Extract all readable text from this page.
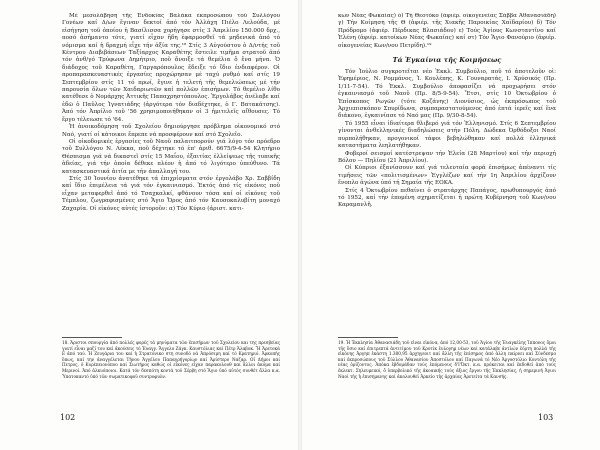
Μέ μεσολάβηση τῆς Ἐνδοκίας Βαλάκα ἐκπροσώπου τοῦ Συλλόγου Γονέων καί Δ/ων ἔγιναν δεκτοί ἀπό τόν Ἀλλάχη Πιέλο Λελούδα, μέ εἰσήγηση τοῦ ὁποίου ἡ Βασίλισσα χορήγησε στίς 3 Ἀπριλίου 150.000 δρχ., ποσό ἀσήμαντο τότε, γιατί εἶχαν ἤδη ἐφαρμοσθεῖ τά μηδενικά ἀπό τό νόμισμα καί ἡ δραχμή εἶχε τήν ἀξία της.¹⁸ Στίς 3 Αὐγούστου ὁ Δ/ντής τοῦ Κέντρου Διαβιβάσεων Ταξίαρχος Καραθέτης ἔστειλε τιμῆμα στρατοῦ ἀπό τόν ἀνθ/γό Τρύφωνα Δημήτριο, ποῦ ἄνοιξε τά θεμέλια ὅ ἔνα μήνα. Ὁ διάδοχος τοῦ Καραθέτη, Γαργαρόπουλος ἔδειξε τό ἴδιο ἐνδιαφέρον. Οἱ προπαρασκευαστικές ἐργασίες προχώρησαν μέ ταχύ ρυθμό καί στίς 19 Σεπτεμβρίου στίς 11 τό πρωί, ἔγινε ἡ τελετή τῆς θεμελιώσεως μέ τήν παρουσία ὅλων τῶν Χαιδαριωτῶν καί πολλῶν ἐπισήμων. Τό θεμέλιο λίθο κατέθεσε ὁ Νομάρχης Ἀττικῆς Παπαχρηστόπουλος. Ἐργολάβος ἀνέλαβε καί ἐδῶ ὁ Παῦλος Ἰγνατιάδης (ἀργότερα τόν διαδέχτηκε, ὁ Γ. Βατακάτσης). Ἀπό τόν Ἀπρίλιο τοῦ '56 χρησιμοποιήθηκαν οἱ 3 ἡμιτελεῖς αἴθουσες. Τό ἔργο τέλειωσε τό '64.

Ἡ ἀνοικοδόμηση τοῦ Σχολείου δημιούργησε πρόβλημα οἰκονομικό στό Ναό, γιατί οἱ κάτοικοι ἔπρεπε νά προσφέρουν καί στό Σχολεῖο.

Οἱ οἰκοδομικές ἐργασίες τοῦ Ναοῦ παλαιτπορούν γιά λόγο τόν πρόεδρο τοῦ Συλλόγου Ν. Λέκκα, ποῦ δέχτηκε τό ἐπ' ἀριθ. 6675/9-4-54 Κλητήριο Θέσπισμα γιά νά δικαστεῖ στίς 15 Μαΐου, ἐξαιτίας ἐλλείψεως τῆς τυπικῆς ἀδείας, γιά τήν ὁποία δέθεκε πλέον ἡ ἀπό τό λιγότερο ὑπεύθυνο. Τά κατασκευαστικά ἀιτία με τήν ἀπαλλαγή του.

Στίς 30 Ἰουνίου ἀνατέθηκε τά ἐπιχρίσματα στόν ἐργολάβο Χρ. Σαββίδη καί ἴδιο ἐπιμέλεια τά γιά τόν ἐγκαινιασμό. Ἐκτός ἀπό τίς εἰκόνες ποῦ εἶχαν μεταφερθεῖ ἀπό τό Τσαχκαλκί, φθάνουν τόσα καί οἱ εἰκόνες τοῦ Τέμπλου, ζωγραφισμένες στό Ἅγιο Ὄρος ἀπό τόν Καυσοκαλυβίτη μοναχό Ζαχαρία. Οἱ εἰκόνες αὐτές ἱστοροῦν: α) Τόν Κύριο (ἀριστ. κατι-

18. Ἀριστοι σπουργία ἀπό πολλές φορές τά μηνύματα τῶν ἐπισήμων τοῦ Σχολείου και της πρεσβείας γιατί εἶναι μαζί του καί ἀκούσεις τό Ἐυαγγ. Ἄγγελο Ζάγκ. Καυστόλιας καί Πέτρ Ἀλαβοκ. Ἤ Ἀρετοκά Ε ἀπό ταύ. Ἡ Ζευγάρια του καί ἡ Στρατόνικο στη συνοδό νά Ἀπρόσιμη καί τό Κρατηριό. Ἀρκοπής ὅπως, καί την ἀναγγέλεται Τήνου Ἀγγέλου Παπαγρήγορίων καί Ἀρίστερο Ναζαρ. Οἱ Δήμοι καί Πετρος, ὁ Κυρέπειονόπυο καί Σιωτήρος καθώς οἱ εἰκόνες εἶχαν παρακολουθ και ἄλλοι ἀκόμα καί Μερινοί. Ἀπό ἀλκυόποιοι. Κατά τόν δεσπότη κοντά τοῦ Σέρβη στό Ἅγιο ὑπό αὐτός συνθέτ ἄλλα κ.α. Ὑπατοκαντό ὑπό τῶν σωματικοφοῦ συντροφιῶν.

102

κων Νέας Φωκαίας) ὁ) Τή Θεοτόκο (ἀφιέρ. οἰκογενείας Σάββα Ἀθανασιάδη) γ) Τήν Κοίμηση τῆς Θ (ἀφιέρ. τῆς Χιακῆς Παροικίας Χαϊδαρίου) δ) Τόν Πρόδρομο (ἀφιέρ. Πέρδικας Βλασιάδου) ε) Τούς Ἁγίους Κωνσταντῖνο καί Ἑλένη (ἀφιέρ. κατοίκων Νέας Φωκαίας) καί στ) Τόν Ἅγιο Φανούριο (ἀφιέρ. οἰκογενείας Κων/νου Πετρίδη).¹⁹

Τά Ἐγκαίνια τῆς Κοιμήσεως

Τόν Ἰούλιο συγκροτεῖται νέο Ἐκκλ. Συμβούλιο, ποῦ τό ἀποτελοῦν οἱ: Ἐφημέριος, Ν. Ρομμάνος, Ἰ. Κουλέπης, Κ. Γουναρατάς, Ι. Χρύσικός (Πρ. 1/11-7-54). Τό Ἐκκλ. Συμβούλιο ἀποφασίζει νά προχωρήσει στόν ἐγκαινιασμό τοῦ Ναοῦ (Πρ. 8/5-9-54). Ἔτσι, στίς 10 Ὀκτωβρίου ὁ Ἐπίσκοπος Ρωγῶν (τότε Κοζάνης) Διονύσιος, ὡς ἐκπρόσωπος τοῦ Ἀρχιεπισκόπου Σπυρίδωνα, συμπαραστατούμενος ἀπό ἑπτά ἱερεῖς καί ἕνα διάκονο, ἐγκαινίασε τό Ναό μας (Πρ. 9/30-8-54).

Τό 1955 εἶναι ἰδιαίτερα θλιβερό γιά τόν Ἑλληνισμό. Στίς 6 Σεπτεμβρίου γίνονται ἀνθελληνικές διαδηλώσεις στήν Πόλη. Δώδεκα Ὀρθόδοξοι Ναοί πυρπολήθηκαν, προγονικοί τάφοι βεβηλώθηκαν καί πολλά ἑλληνικά καταστήματα λεηλατήθηκαν.

Φοβεροί σεισμοί κατέστρεψαν τήν Ἑλεία (28 Μαρτίου) καί τήν περιοχή Βόλου — Πηλίου (21 Ἀπριλίου).

Οἱ Κύπριοι ἐξανίσσουν καί γιά τελευταία φορά ἐπισήμως ἀπέναντι τίς τιμῆσεις τῶν «πολιτισμένων» Ἐγγλέζων καί τήν 1η Ἀπριλίου ἀρχίζουν ἔνοπλο ἀγώνα ὑπό τή Σημαία τῆς ΕΟΚΑ.

Στίς 4 Ὀκτωβρίου πεθαίνει ὁ στρατάρχης Παπάγος, πρωθυπουργός ἀπό τό 1952, καί τήν ἐπομένη σχηματίζεται ἡ πρώτη Κυβέρνηση τοῦ Κων/νου Καραμανλῆ.

19. Ἡ Ἐκκλησία Ἀθανασιάδη τοῦ εἶναι εἰκόνα, ἀπό 12,00-53, τοῦ Ἁγίου τῆς Ἐυαγκέλης Ἱππονος ὅμοι τῆς ὅσιο καί ἐπιτρεπτά ἀντιτίμου τοῦ Κροτίκ ἐυλογημ νέων καί κατάλαβε ἀντλών ἑόρτη πολλά τῆς εἰκόνης Ἀργηπ ἑκάστη 1.380,95 ἀρχηγεοιτ καί ἄλλη τῆς ἐπίσημος ἀπό ἀλλη παίρνει καί Σύνδεσμο καί ἐκπροσώπους τοῦ Σύλλου Ἀθανασίου Ἀποστόλου καί Παγωνά τό Νέο Ἀργοστόλιο Κοντόλη τῆς νέας ὁρίζοντος. Ἀπόκα ἐβδομάδαν τούς ἐπόμενους δ'Ι'Ὀκτ. κ.α. πρόκειται καί ἐκδοθεῖ ἀπό τούς ἐκλεκτ. Σηλευμεικό, ὅ ὑπερβολικό τῆς ἀκοαικής τούς ἀξιος ἔργου τῆς Ἐκκλησίας, ἡ σημερινή Ἁγιοι Ναοί τῆς ἡ ἐπισημανης καί ἀκολουθεῖ Ἀρκείο τῆς ἀρχαίας Ἀρετείτα τά Κανσής.

103
